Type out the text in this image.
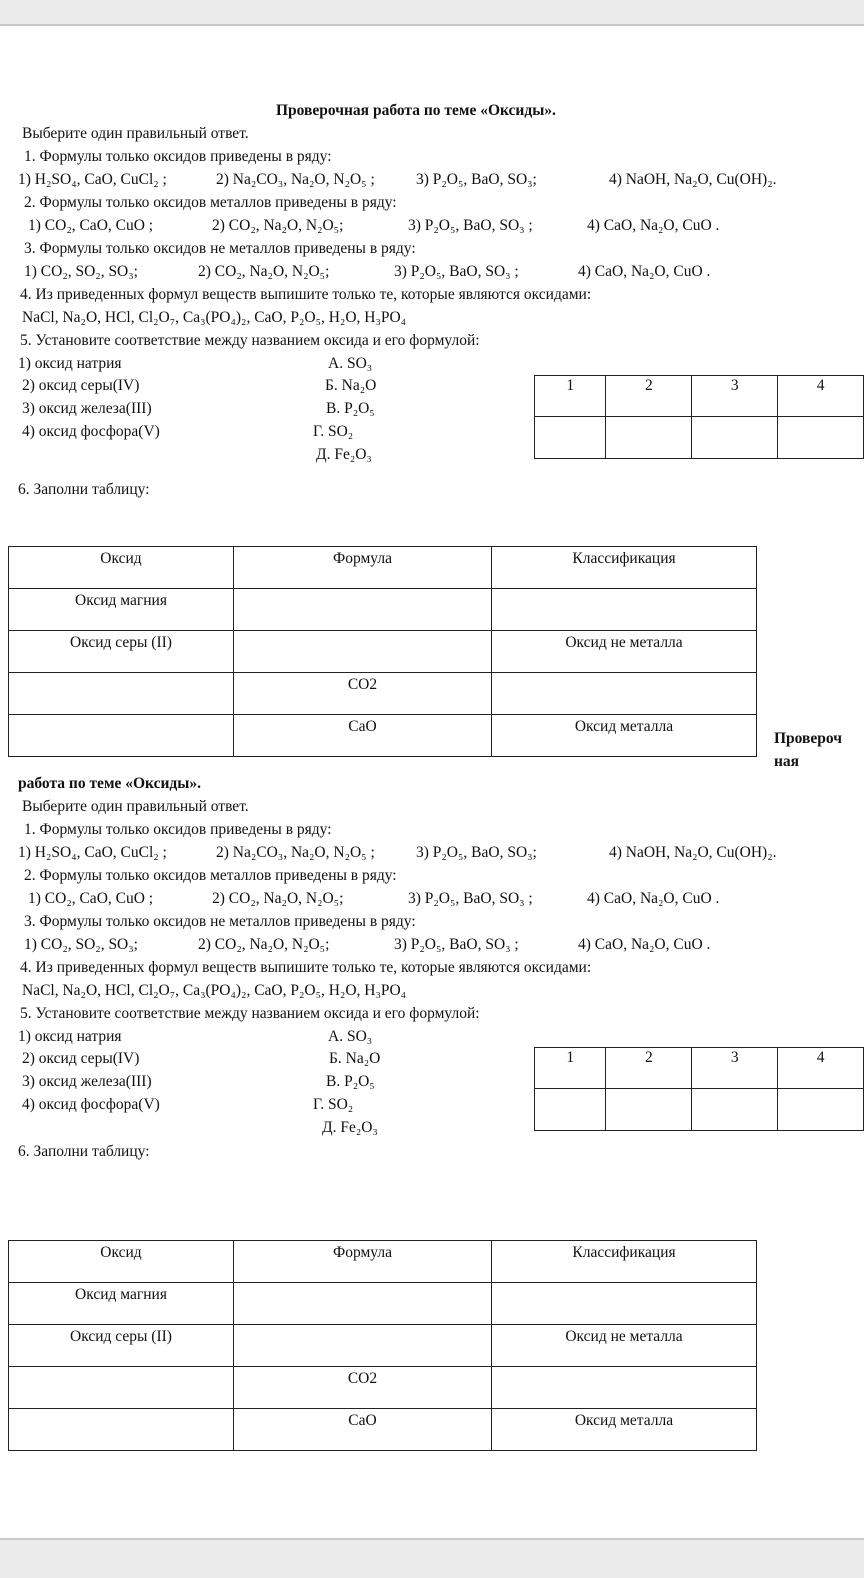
Проверочная работа по теме «Оксиды».
Выберите один правильный ответ.
1. Формулы только оксидов приведены в ряду:
1) H₂SO₄, CaO, CuCl₂ ;	2) Na₂CO₃, Na₂O, N₂O₅ ;	3) P₂O₅, BaO, SO₃;	4) NaOH, Na₂O, Cu(OH)₂.
2. Формулы только оксидов металлов приведены в ряду:
1) CO₂, CaO, CuO ;	2) CO₂, Na₂O, N₂O₅;	3) P₂O₅, BaO, SO₃ ;	4) CaO, Na₂O, CuO .
3. Формулы только оксидов не металлов приведены в ряду:
1) CO₂, SO₂, SO₃;	2) CO₂, Na₂O, N₂O₅;	3) P₂O₅, BaO, SO₃ ;	4) CaO, Na₂O, CuO .
4. Из приведенных формул веществ выпишите только те, которые являются оксидами:
NaCl, Na₂O, HCl, Cl₂O₇, Ca₃(PO₄)₂, CaO, P₂O₅, H₂O, H₃PO₄
5. Установите соответствие между названием оксида и его формулой:
1) оксид натрия
2) оксид серы(IV)
3) оксид железа(III)
4) оксид фосфора(V)
А. SO₃
Б. Na₂O
В. P₂O₅
Г. SO₂
Д. Fe₂O₃
1	2	3	4

6. Заполни таблицу:
Оксид	Формула	Классификация
Оксид магния		
Оксид серы (II)		Оксид не металла
	CO2	
	CaO	Оксид металла
Провероч
ная
работа по теме «Оксиды».
Выберите один правильный ответ.
1. Формулы только оксидов приведены в ряду:
1) H₂SO₄, CaO, CuCl₂ ;	2) Na₂CO₃, Na₂O, N₂O₅ ;	3) P₂O₅, BaO, SO₃;	4) NaOH, Na₂O, Cu(OH)₂.
2. Формулы только оксидов металлов приведены в ряду:
1) CO₂, CaO, CuO ;	2) CO₂, Na₂O, N₂O₅;	3) P₂O₅, BaO, SO₃ ;	4) CaO, Na₂O, CuO .
3. Формулы только оксидов не металлов приведены в ряду:
1) CO₂, SO₂, SO₃;	2) CO₂, Na₂O, N₂O₅;	3) P₂O₅, BaO, SO₃ ;	4) CaO, Na₂O, CuO .
4. Из приведенных формул веществ выпишите только те, которые являются оксидами:
NaCl, Na₂O, HCl, Cl₂O₇, Ca₃(PO₄)₂, CaO, P₂O₅, H₂O, H₃PO₄
5. Установите соответствие между названием оксида и его формулой:
1) оксид натрия
2) оксид серы(IV)
3) оксид железа(III)
4) оксид фосфора(V)
А. SO₃
Б. Na₂O
В. P₂O₅
Г. SO₂
Д. Fe₂O₃
1	2	3	4

6. Заполни таблицу:
Оксид	Формула	Классификация
Оксид магния		
Оксид серы (II)		Оксид не металла
	CO2	
	CaO	Оксид металла
